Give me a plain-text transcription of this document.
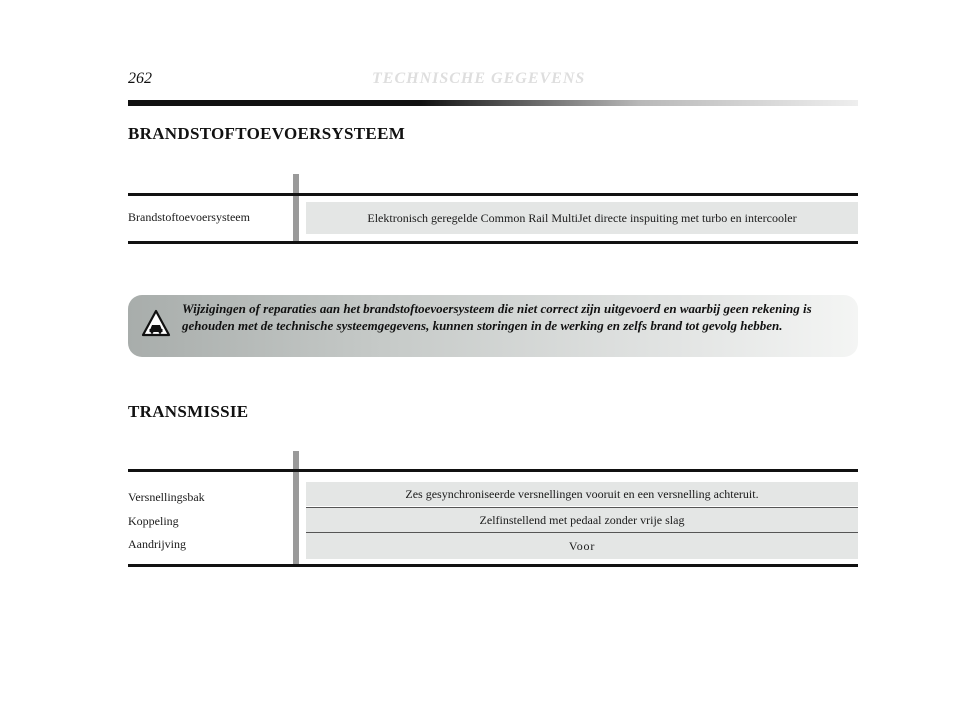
262	TECHNISCHE GEGEVENS
BRANDSTOFTOEVOERSYSTEEM
Brandstoftoevoersysteem	Elektronisch geregelde Common Rail MultiJet directe inspuiting met turbo en intercooler
Wijzigingen of reparaties aan het brandstoftoevoersysteem die niet correct zijn uitgevoerd en waarbij geen rekening is gehouden met de technische systeemgegevens, kunnen storingen in de werking en zelfs brand tot gevolg hebben.
TRANSMISSIE
Versnellingsbak	Zes gesynchroniseerde versnellingen vooruit en een versnelling achteruit.
Koppeling	Zelfinstellend met pedaal zonder vrije slag
Aandrijving	Voor
